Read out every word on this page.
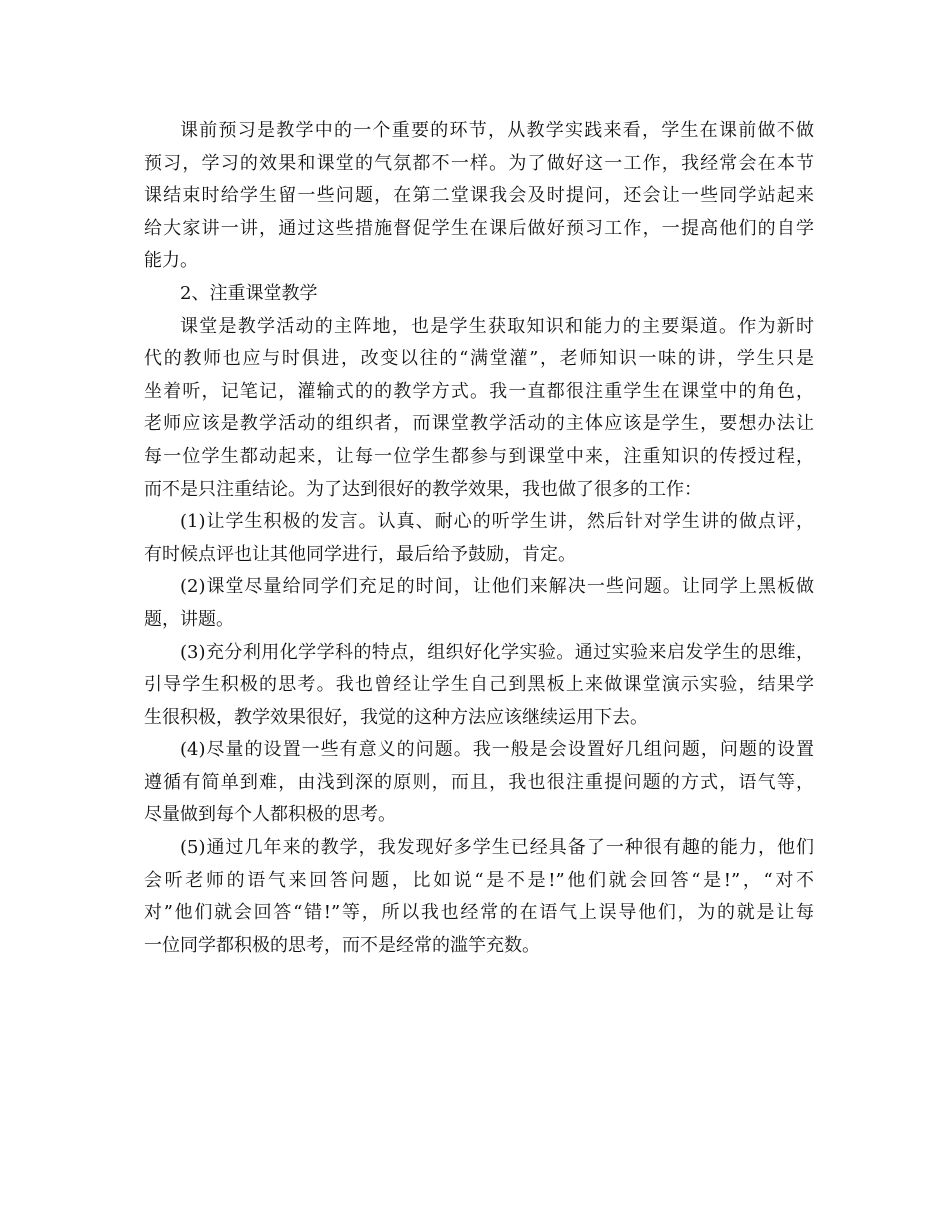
课前预习是教学中的一个重要的环节，从教学实践来看，学生在课前做不做
预习，学习的效果和课堂的气氛都不一样。为了做好这一工作，我经常会在本节
课结束时给学生留一些问题，在第二堂课我会及时提问，还会让一些同学站起来
给大家讲一讲，通过这些措施督促学生在课后做好预习工作，一提高他们的自学
能力。
2、注重课堂教学
课堂是教学活动的主阵地，也是学生获取知识和能力的主要渠道。作为新时
代的教师也应与时俱进，改变以往的“满堂灌”，老师知识一味的讲，学生只是
坐着听，记笔记，灌输式的的教学方式。我一直都很注重学生在课堂中的角色，
老师应该是教学活动的组织者，而课堂教学活动的主体应该是学生，要想办法让
每一位学生都动起来，让每一位学生都参与到课堂中来，注重知识的传授过程，
而不是只注重结论。为了达到很好的教学效果，我也做了很多的工作：
(1)让学生积极的发言。认真、耐心的听学生讲，然后针对学生讲的做点评，
有时候点评也让其他同学进行，最后给予鼓励，肯定。
(2)课堂尽量给同学们充足的时间，让他们来解决一些问题。让同学上黑板做
题，讲题。
(3)充分利用化学学科的特点，组织好化学实验。通过实验来启发学生的思维，
引导学生积极的思考。我也曾经让学生自己到黑板上来做课堂演示实验，结果学
生很积极，教学效果很好，我觉的这种方法应该继续运用下去。
(4)尽量的设置一些有意义的问题。我一般是会设置好几组问题，问题的设置
遵循有简单到难，由浅到深的原则，而且，我也很注重提问题的方式，语气等，
尽量做到每个人都积极的思考。
(5)通过几年来的教学，我发现好多学生已经具备了一种很有趣的能力，他们
会听老师的语气来回答问题，比如说“是不是!”他们就会回答“是!”，“对不
对”他们就会回答“错!”等，所以我也经常的在语气上误导他们，为的就是让每
一位同学都积极的思考，而不是经常的滥竽充数。
